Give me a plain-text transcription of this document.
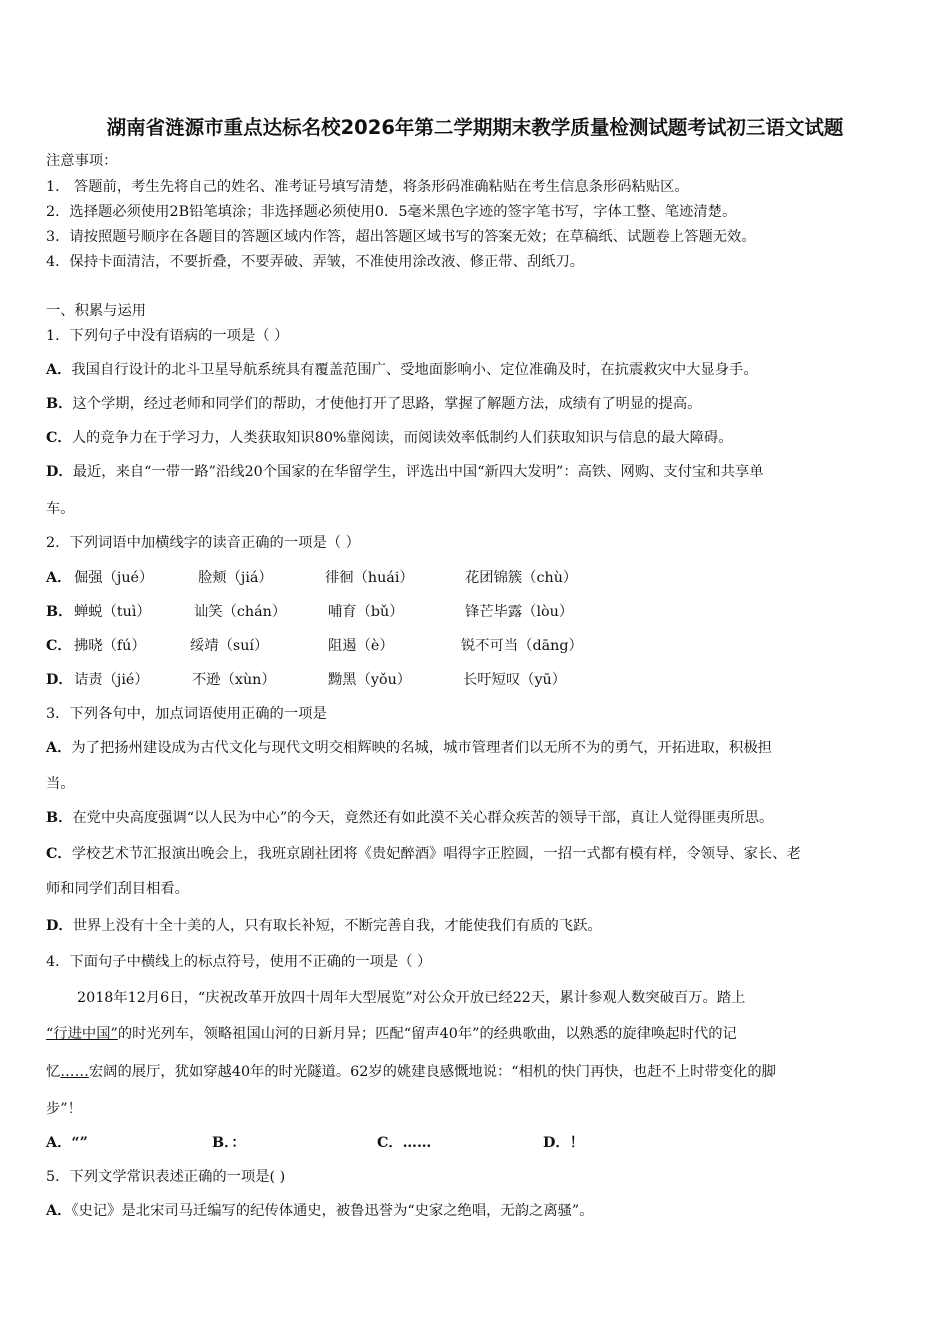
湖南省涟源市重点达标名校2026年第二学期期末教学质量检测试题考试初三语文试题
注意事项：
1． 答题前，考生先将自己的姓名、准考证号填写清楚，将条形码准确粘贴在考生信息条形码粘贴区。
2．选择题必须使用2B铅笔填涂；非选择题必须使用0．5毫米黑色字迹的签字笔书写，字体工整、笔迹清楚。
3．请按照题号顺序在各题目的答题区域内作答，超出答题区域书写的答案无效；在草稿纸、试题卷上答题无效。
4．保持卡面清洁，不要折叠，不要弄破、弄皱，不准使用涂改液、修正带、刮纸刀。
一、积累与运用
1．下列句子中没有语病的一项是（ ）
A．我国自行设计的北斗卫星导航系统具有覆盖范围广、受地面影响小、定位准确及时，在抗震救灾中大显身手。
B．这个学期，经过老师和同学们的帮助，才使他打开了思路，掌握了解题方法，成绩有了明显的提高。
C．人的竞争力在于学习力，人类获取知识80%靠阅读，而阅读效率低制约人们获取知识与信息的最大障碍。
D．最近，来自“一带一路”沿线20个国家的在华留学生，评选出中国“新四大发明”：高铁、网购、支付宝和共享单
车。
2．下列词语中加横线字的读音正确的一项是（ ）
A． 倔强（jué）	脸颊（jiá）	徘徊（huái）	花团锦簇（chù）
B． 蝉蜕（tuì）	讪笑（chán）	哺育（bǔ）	锋芒毕露（lòu）
C． 拂晓（fú）	绥靖（suí）	阻遏（è）	锐不可当（dāng）
D． 诘责（jié）	不逊（xùn）	黝黑（yǒu）	长吁短叹（yū）
3．下列各句中，加点词语使用正确的一项是
A．为了把扬州建设成为古代文化与现代文明交相辉映的名城，城市管理者们以无所不为的勇气，开拓进取，积极担
当。
B．在党中央高度强调“以人民为中心”的今天，竟然还有如此漠不关心群众疾苦的领导干部，真让人觉得匪夷所思。
C．学校艺术节汇报演出晚会上，我班京剧社团将《贵妃醉酒》唱得字正腔圆，一招一式都有模有样，令领导、家长、老
师和同学们刮目相看。
D．世界上没有十全十美的人，只有取长补短，不断完善自我，才能使我们有质的飞跃。
4．下面句子中横线上的标点符号，使用不正确的一项是（ ）
2018年12月6日，“庆祝改革开放四十周年大型展览”对公众开放已经22天，累计参观人数突破百万。踏上
“行进中国”的时光列车，领略祖国山河的日新月异；匹配“留声40年”的经典歌曲，以熟悉的旋律唤起时代的记
忆……宏阔的展厅，犹如穿越40年的时光隧道。62岁的姚建良感慨地说：“相机的快门再快，也赶不上时带变化的脚
步”！
A．“”	B．：	C．……	D．！
5．下列文学常识表述正确的一项是( )
A．《史记》是北宋司马迁编写的纪传体通史，被鲁迅誉为“史家之绝唱，无韵之离骚”。
